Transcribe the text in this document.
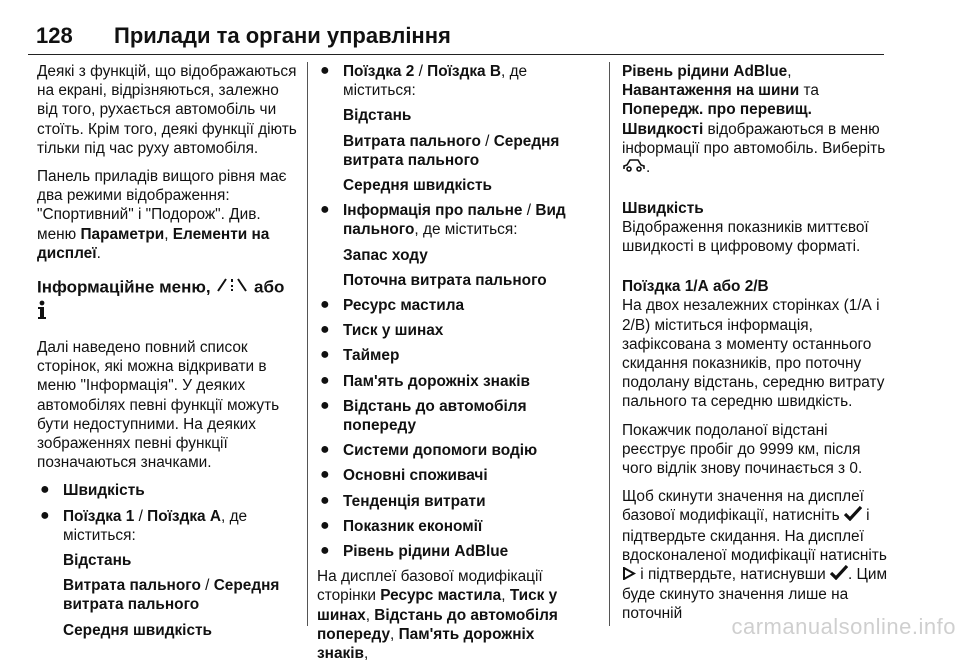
128 Прилади та органи управління

Деякі з функцій, що відображаються на екрані, відрізняються, залежно від того, рухається автомобіль чи стоїть. Крім того, деякі функції діють тільки під час руху автомобіля.

Панель приладів вищого рівня має два режими відображення: "Спортивний" і "Подорож". Див. меню Параметри, Елементи на дисплеї.

Інформаційне меню,  або

Далі наведено повний список сторінок, які можна відкривати в меню "Інформація". У деяких автомобілях певні функції можуть бути недоступними. На деяких зображеннях певні функції позначаються значками.

● Швидкість
● Поїздка 1 / Поїздка А, де міститься:
Відстань
Витрата пального / Середня витрата пального
Середня швидкість
● Поїздка 2 / Поїздка В, де міститься:
Відстань
Витрата пального / Середня витрата пального
Середня швидкість
● Інформація про пальне / Вид пального, де міститься:
Запас ходу
Поточна витрата пального
● Ресурс мастила
● Тиск у шинах
● Таймер
● Пам'ять дорожніх знаків
● Відстань до автомобіля попереду
● Системи допомоги водію
● Основні споживачі
● Тенденція витрати
● Показник економії
● Рівень рідини AdBlue

На дисплеї базової модифікації сторінки Ресурс мастила, Тиск у шинах, Відстань до автомобіля попереду, Пам'ять дорожніх знаків,

Рівень рідини AdBlue,
Навантаження на шини та
Попередж. про перевищ. Швидкості відображаються в меню інформації про автомобіль. Виберіть .

Швидкість

Відображення показників миттєвої швидкості в цифровому форматі.

Поїздка 1/А або 2/В

На двох незалежних сторінках (1/А і 2/В) міститься інформація, зафіксована з моменту останнього скидання показників, про поточну подолану відстань, середню витрату пального та середню швидкість.

Покажчик подоланої відстані реєструє пробіг до 9999 км, після чого відлік знову починається з 0.

Щоб скинути значення на дисплеї базової модифікації, натисніть  і підтвердьте скидання. На дисплеї вдосконаленої модифікації натисніть  і підтвердьте, натиснувши . Цим буде скинуто значення лише на поточній	carmanualsonline.info
